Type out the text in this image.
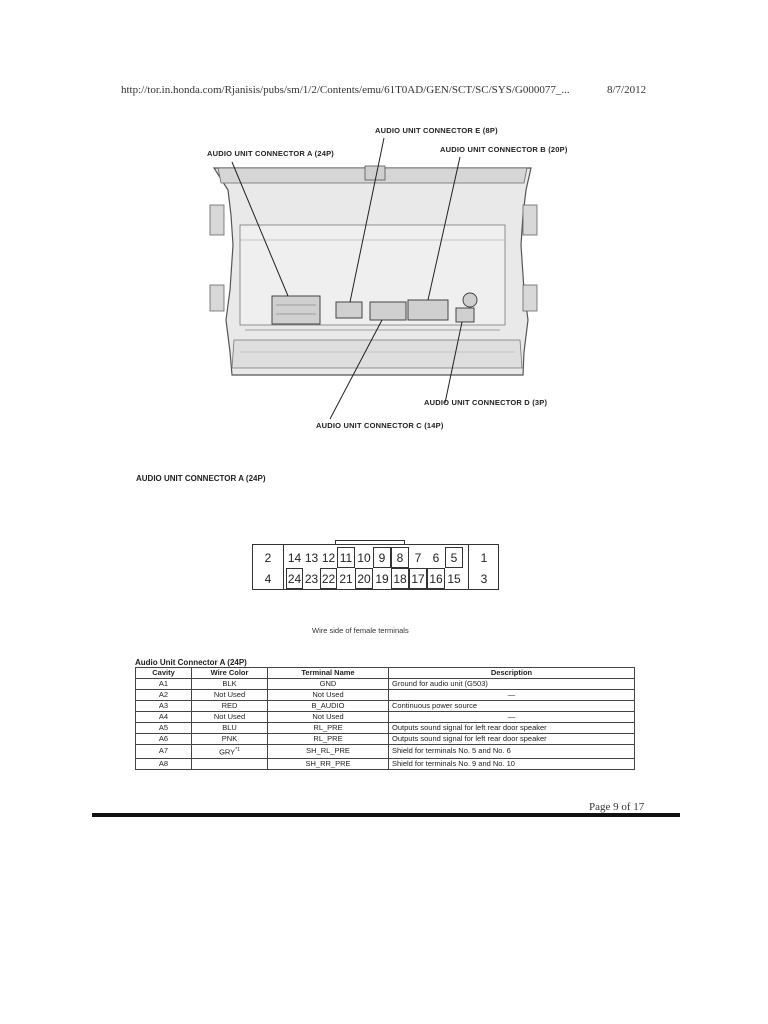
http://tor.in.honda.com/Rjanisis/pubs/sm/1/2/Contents/emu/61T0AD/GEN/SCT/SC/SYS/G000077_...	8/7/2012
AUDIO UNIT CONNECTOR A (24P)
AUDIO UNIT CONNECTOR E (8P)
AUDIO UNIT CONNECTOR B (20P)
AUDIO UNIT CONNECTOR D (3P)
AUDIO UNIT CONNECTOR C (14P)
AUDIO UNIT CONNECTOR A (24P)
2
4
1
3
14 13 12 11 10 9 8 7 6 5
24 23 22 21 20 19 18 17 16 15
Wire side of female terminals
Audio Unit Connector A (24P)
Cavity	Wire Color	Terminal Name	Description
A1	BLK	GND	Ground for audio unit (G503)
A2	Not Used	Not Used	—
A3	RED	B_AUDIO	Continuous power source
A4	Not Used	Not Used	—
A5	BLU	RL_PRE	Outputs sound signal for left rear door speaker
A6	PNK	RL_PRE	Outputs sound signal for left rear door speaker
A7	GRY$^{*1}$	SH_RL_PRE	Shield for terminals No. 5 and No. 6
A8		SH_RR_PRE	Shield for terminals No. 9 and No. 10
Page 9 of 17
